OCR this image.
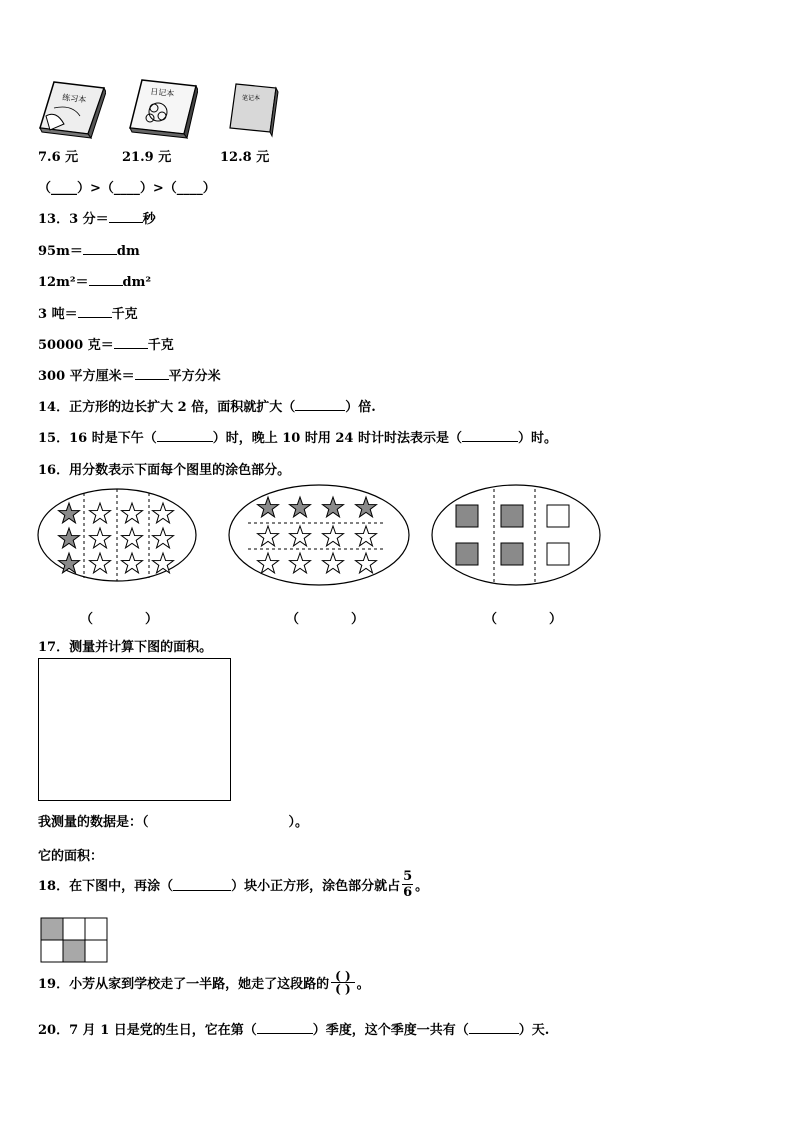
练习本
日记本
笔记本
7.6 元	21.9 元	12.8 元
（____）>（____）>（____）
13．3 分＝	秒
95m＝	dm
12m²＝	dm²
3 吨＝	千克
50000 克＝	千克
300 平方厘米＝	平方分米
14．正方形的边长扩大 2 倍，面积就扩大（	）倍.
15．16 时是下午（	）时，晚上 10 时用 24 时计时法表示是（	）时。
16．用分数表示下面每个图里的涂色部分。
（　　　　）	（　　　　）	（　　　　）
17．测量并计算下图的面积。
我测量的数据是：（	）。
它的面积：
18． 在下图中，再涂（	）块小正方形，涂色部分就占 $\frac{5}{6}$ 。
19． 小芳从家到学校走了一半路，她走了这段路的 $\frac{( )}{( )}$ 。
20．7 月 1 日是党的生日，它在第（	）季度，这个季度一共有（	）天.
